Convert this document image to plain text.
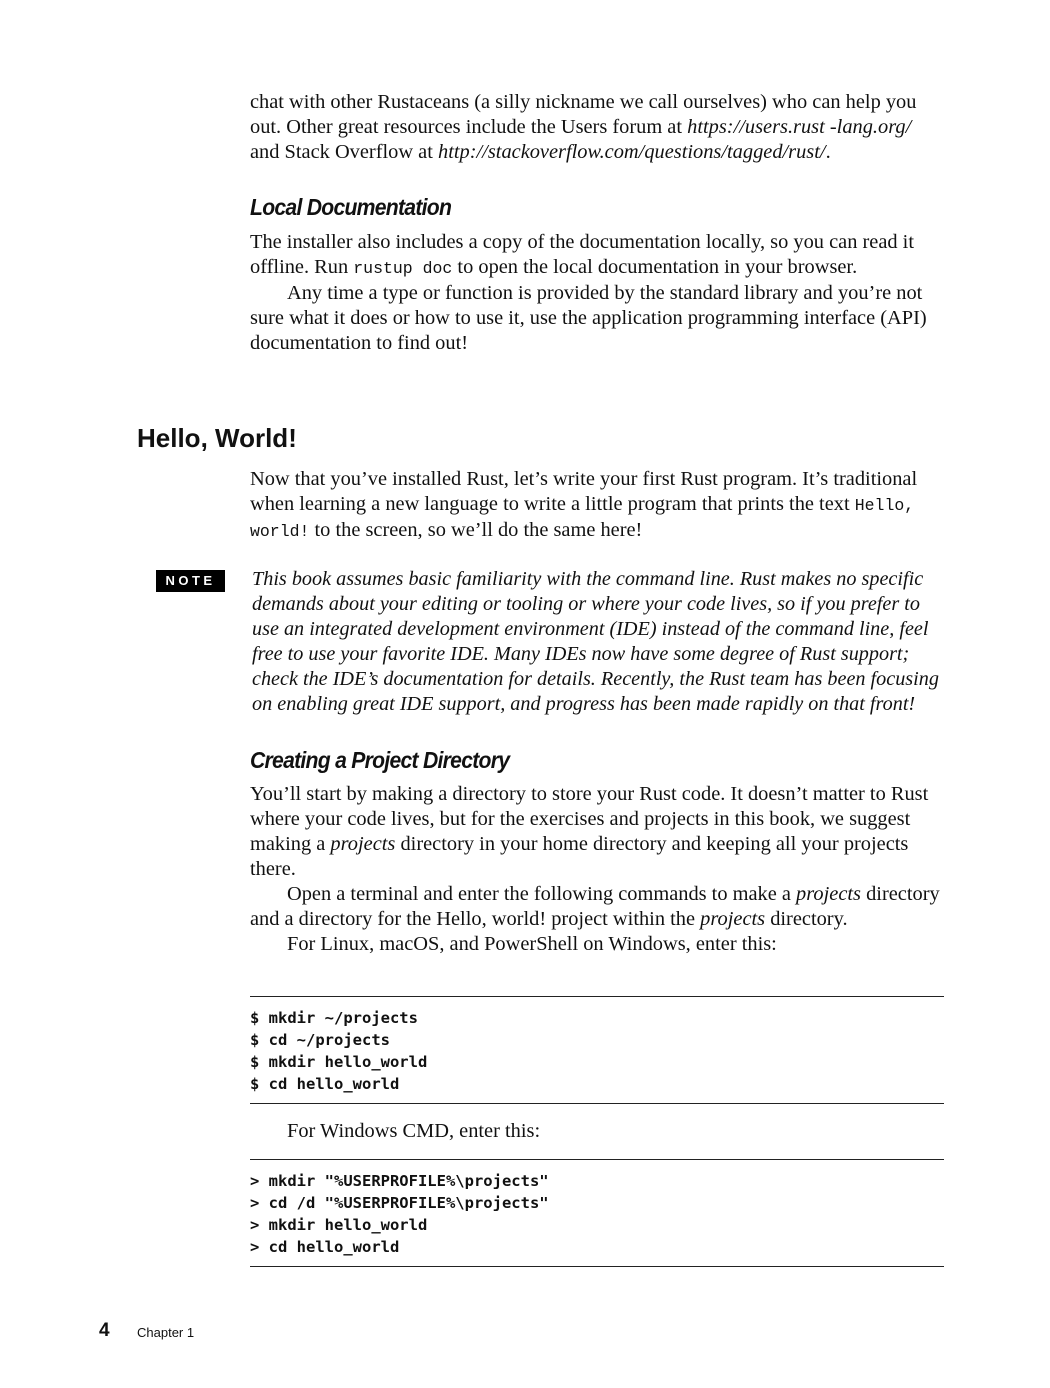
chat with other Rustaceans (a silly nickname we call ourselves) who can help you out. Other great resources include the Users forum at https://users.rust -lang.org/ and Stack Overflow at http://stackoverflow.com/questions/tagged/rust/.

Local Documentation

The installer also includes a copy of the documentation locally, so you can read it offline. Run rustup doc to open the local documentation in your browser.

Any time a type or function is provided by the standard library and you’re not sure what it does or how to use it, use the application programming interface (API) documentation to find out!

Hello, World!

Now that you’ve installed Rust, let’s write your first Rust program. It’s traditional when learning a new language to write a little program that prints the text Hello, world! to the screen, so we’ll do the same here!

NOTE	This book assumes basic familiarity with the command line. Rust makes no specific demands about your editing or tooling or where your code lives, so if you prefer to use an integrated development environment (IDE) instead of the command line, feel free to use your favorite IDE. Many IDEs now have some degree of Rust support; check the IDE’s documentation for details. Recently, the Rust team has been focusing on enabling great IDE support, and progress has been made rapidly on that front!

Creating a Project Directory

You’ll start by making a directory to store your Rust code. It doesn’t matter to Rust where your code lives, but for the exercises and projects in this book, we suggest making a projects directory in your home directory and keeping all your projects there.

Open a terminal and enter the following commands to make a projects directory and a directory for the Hello, world! project within the projects directory.

For Linux, macOS, and PowerShell on Windows, enter this:

$ mkdir ~/projects
$ cd ~/projects
$ mkdir hello_world
$ cd hello_world

For Windows CMD, enter this:

> mkdir "%USERPROFILE%\projects"
> cd /d "%USERPROFILE%\projects"
> mkdir hello_world
> cd hello_world
4 Chapter 1
